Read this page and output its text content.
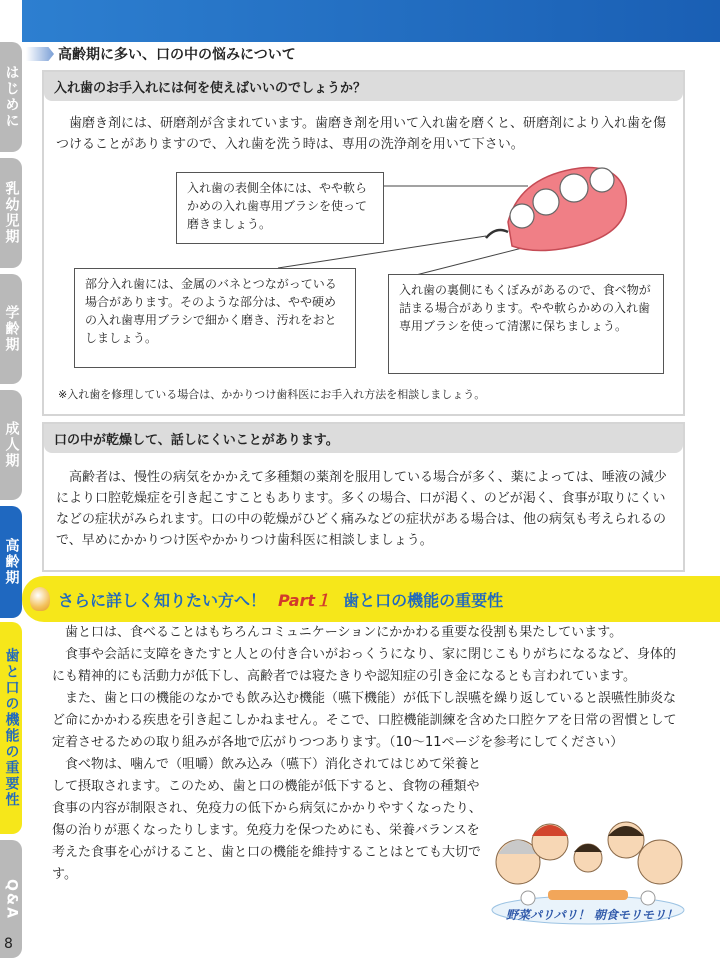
はじめに
乳幼児期
学齢期
成人期
高齢期
歯と口の機能の重要性
Q&A
8
高齢期に多い、口の中の悩みについて
入れ歯のお手入れには何を使えばいいのでしょうか？

歯磨き剤には、研磨剤が含まれています。歯磨き剤を用いて入れ歯を磨くと、研磨剤により入れ歯を傷つけることがありますので、入れ歯を洗う時は、専用の洗浄剤を用いて下さい。

入れ歯の表側全体には、やや軟らかめの入れ歯専用ブラシを使って磨きましょう。
部分入れ歯には、金属のバネとつながっている場合があります。そのような部分は、やや硬めの入れ歯専用ブラシで細かく磨き、汚れをおとしましょう。
入れ歯の裏側にもくぼみがあるので、食べ物が詰まる場合があります。やや軟らかめの入れ歯専用ブラシを使って清潔に保ちましょう。
※入れ歯を修理している場合は、かかりつけ歯科医にお手入れ方法を相談しましょう。
口の中が乾燥して、話しにくいことがあります。

高齢者は、慢性の病気をかかえて多種類の薬剤を服用している場合が多く、薬によっては、唾液の減少により口腔乾燥症を引き起こすこともあります。多くの場合、口が渇く、のどが渇く、食事が取りにくいなどの症状がみられます。口の中の乾燥がひどく痛みなどの症状がある場合は、他の病気も考えられるので、早めにかかりつけ医やかかりつけ歯科医に相談しましょう。

さらに詳しく知りたい方へ！ Part１ 歯と口の機能の重要性

歯と口は、食べることはもちろんコミュニケーションにかかわる重要な役割も果たしています。

食事や会話に支障をきたすと人との付き合いがおっくうになり、家に閉じこもりがちになるなど、身体的にも精神的にも活動力が低下し、高齢者では寝たきりや認知症の引き金になるとも言われています。

また、歯と口の機能のなかでも飲み込む機能（嚥下機能）が低下し誤嚥を繰り返していると誤嚥性肺炎など命にかかわる疾患を引き起こしかねません。そこで、口腔機能訓練を含めた口腔ケアを日常の習慣として定着させるための取り組みが各地で広がりつつあります。（10～11ページを参考にしてください）

食べ物は、噛んで（咀嚼）飲み込み（嚥下）消化されてはじめて栄養として摂取されます。このため、歯と口の機能が低下すると、食物の種類や食事の内容が制限され、免疫力の低下から病気にかかりやすくなったり、傷の治りが悪くなったりします。免疫力を保つためにも、栄養バランスを考えた食事を心がけること、歯と口の機能を維持することはとても大切です。

野菜パリパリ！ 朝食モリモリ！
